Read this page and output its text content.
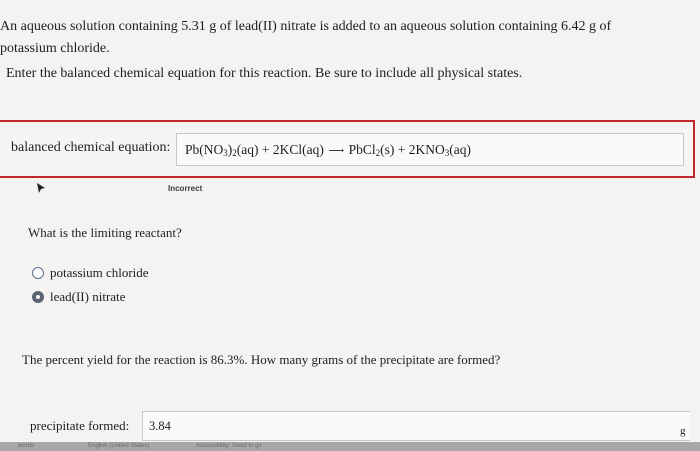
An aqueous solution containing 5.31 g of lead(II) nitrate is added to an aqueous solution containing 6.42 g of potassium chloride.
Enter the balanced chemical equation for this reaction. Be sure to include all physical states.
balanced chemical equation:	$Pb(NO_3)_2(aq) + 2KCl(aq)$ ⟶ PbCl$_2$(s) + $2KNO_3(aq)$
Incorrect
What is the limiting reactant?
potassium chloride
lead(II) nitrate
The percent yield for the reaction is 86.3%. How many grams of the precipitate are formed?
precipitate formed:	3.84	g
words	English (United States)	Accessibility: Good to go
